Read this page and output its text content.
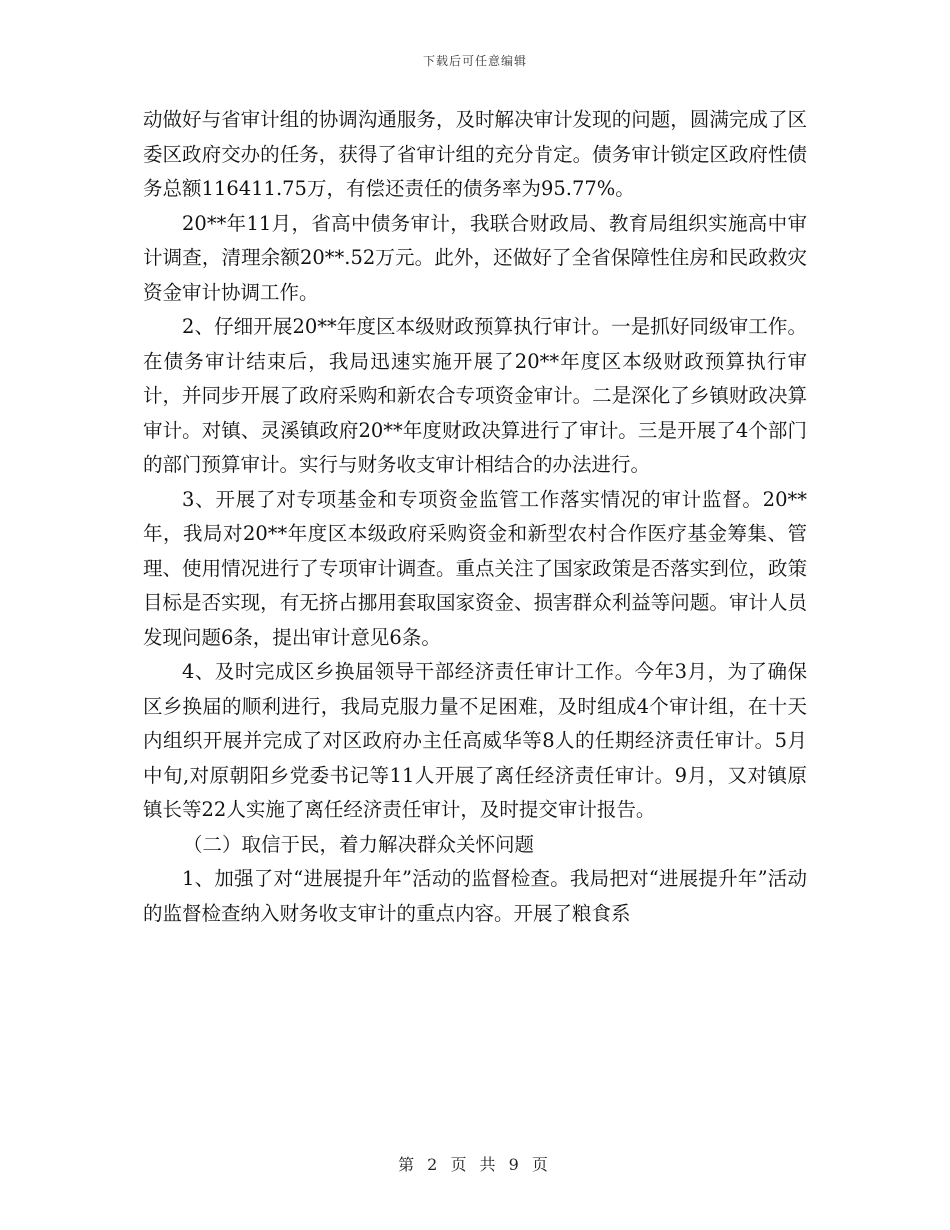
下载后可任意编辑

动做好与省审计组的协调沟通服务，及时解决审计发现的问题，圆满完成了区委区政府交办的任务，获得了省审计组的充分肯定。债务审计锁定区政府性债务总额116411.75万，有偿还责任的债务率为95.77%。

20**年11月，省高中债务审计，我联合财政局、教育局组织实施高中审计调查，清理余额20**.52万元。此外，还做好了全省保障性住房和民政救灾资金审计协调工作。

2、仔细开展20**年度区本级财政预算执行审计。一是抓好同级审工作。在债务审计结束后，我局迅速实施开展了20**年度区本级财政预算执行审计，并同步开展了政府采购和新农合专项资金审计。二是深化了乡镇财政决算审计。对镇、灵溪镇政府20**年度财政决算进行了审计。三是开展了4个部门的部门预算审计。实行与财务收支审计相结合的办法进行。

3、开展了对专项基金和专项资金监管工作落实情况的审计监督。20**年，我局对20**年度区本级政府采购资金和新型农村合作医疗基金筹集、管理、使用情况进行了专项审计调查。重点关注了国家政策是否落实到位，政策目标是否实现，有无挤占挪用套取国家资金、损害群众利益等问题。审计人员发现问题6条，提出审计意见6条。

4、及时完成区乡换届领导干部经济责任审计工作。今年3月，为了确保区乡换届的顺利进行，我局克服力量不足困难，及时组成4个审计组，在十天内组织开展并完成了对区政府办主任高威华等8人的任期经济责任审计。5月中旬,对原朝阳乡党委书记等11人开展了离任经济责任审计。9月，又对镇原镇长等22人实施了离任经济责任审计，及时提交审计报告。

（二）取信于民，着力解决群众关怀问题

1、加强了对“进展提升年”活动的监督检查。我局把对“进展提升年”活动的监督检查纳入财务收支审计的重点内容。开展了粮食系

第 2 页 共 9 页
